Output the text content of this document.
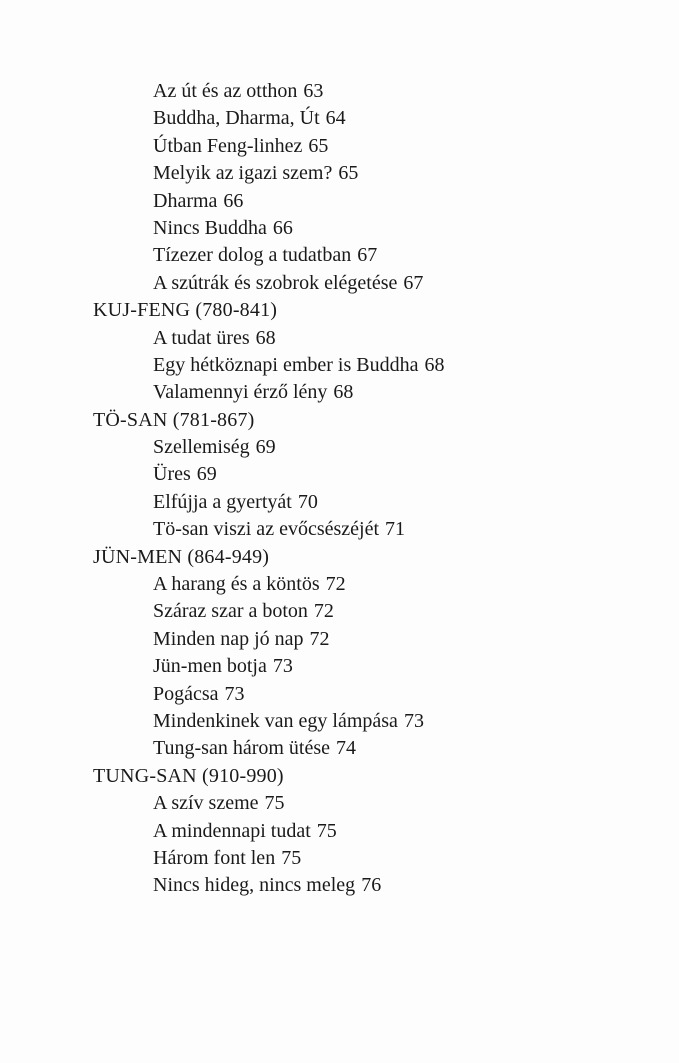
Az út és az otthon 63
Buddha, Dharma, Út 64
Útban Feng-linhez 65
Melyik az igazi szem? 65
Dharma 66
Nincs Buddha 66
Tízezer dolog a tudatban 67
A szútrák és szobrok elégetése 67
KUJ-FENG (780-841)
A tudat üres 68
Egy hétköznapi ember is Buddha 68
Valamennyi érző lény 68
TÖ-SAN (781-867)
Szellemiség 69
Üres 69
Elfújja a gyertyát 70
Tö-san viszi az evőcsészéjét 71
JÜN-MEN (864-949)
A harang és a köntös 72
Száraz szar a boton 72
Minden nap jó nap 72
Jün-men botja 73
Pogácsa 73
Mindenkinek van egy lámpása 73
Tung-san három ütése 74
TUNG-SAN (910-990)
A szív szeme 75
A mindennapi tudat 75
Három font len 75
Nincs hideg, nincs meleg 76
